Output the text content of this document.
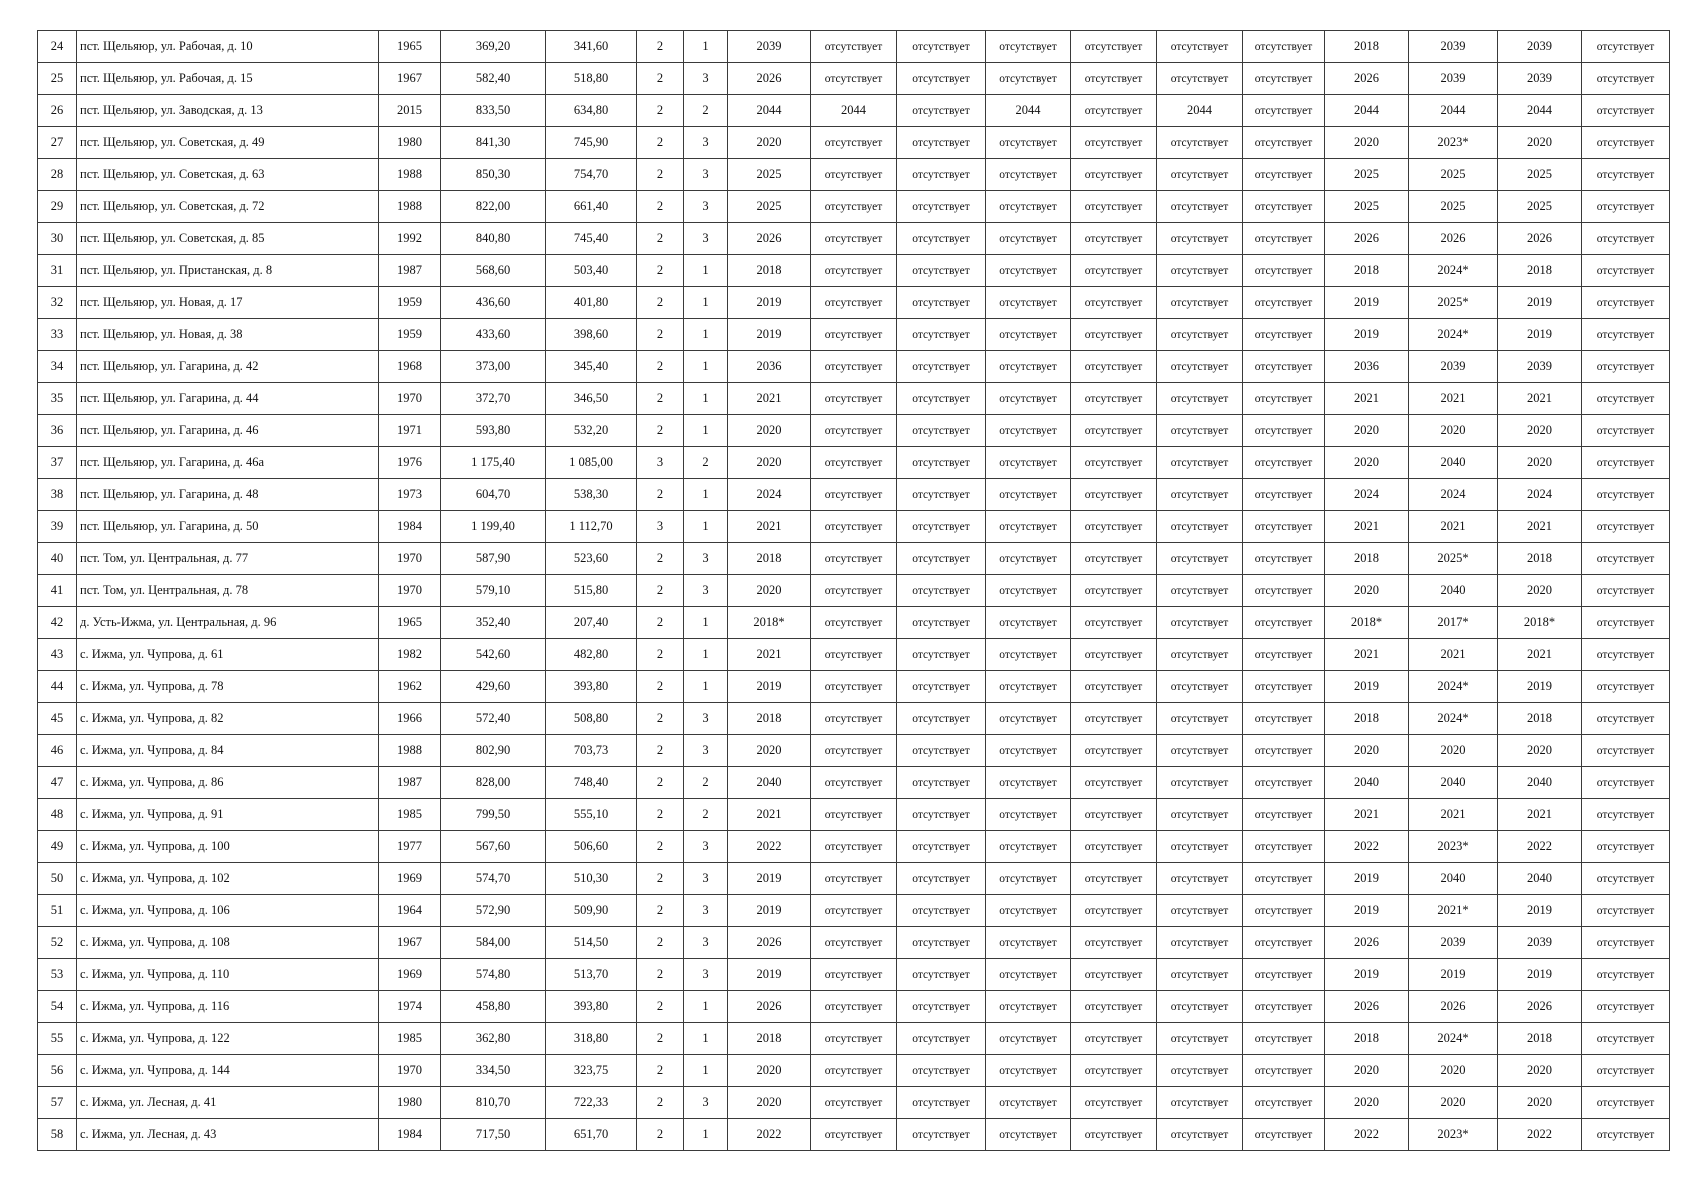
24	пст. Щельяюр, ул. Рабочая, д. 10	1965	369,20	341,60	2	1	2039	отсутствует	отсутствует	отсутствует	отсутствует	отсутствует	отсутствует	2018	2039	2039	отсутствует
25	пст. Щельяюр, ул. Рабочая, д. 15	1967	582,40	518,80	2	3	2026	отсутствует	отсутствует	отсутствует	отсутствует	отсутствует	отсутствует	2026	2039	2039	отсутствует
26	пст. Щельяюр, ул. Заводская, д. 13	2015	833,50	634,80	2	2	2044	2044	отсутствует	2044	отсутствует	2044	отсутствует	2044	2044	2044	отсутствует
27	пст. Щельяюр, ул. Советская, д. 49	1980	841,30	745,90	2	3	2020	отсутствует	отсутствует	отсутствует	отсутствует	отсутствует	отсутствует	2020	2023*	2020	отсутствует
28	пст. Щельяюр, ул. Советская, д. 63	1988	850,30	754,70	2	3	2025	отсутствует	отсутствует	отсутствует	отсутствует	отсутствует	отсутствует	2025	2025	2025	отсутствует
29	пст. Щельяюр, ул. Советская, д. 72	1988	822,00	661,40	2	3	2025	отсутствует	отсутствует	отсутствует	отсутствует	отсутствует	отсутствует	2025	2025	2025	отсутствует
30	пст. Щельяюр, ул. Советская, д. 85	1992	840,80	745,40	2	3	2026	отсутствует	отсутствует	отсутствует	отсутствует	отсутствует	отсутствует	2026	2026	2026	отсутствует
31	пст. Щельяюр, ул. Пристанская, д. 8	1987	568,60	503,40	2	1	2018	отсутствует	отсутствует	отсутствует	отсутствует	отсутствует	отсутствует	2018	2024*	2018	отсутствует
32	пст. Щельяюр, ул. Новая, д. 17	1959	436,60	401,80	2	1	2019	отсутствует	отсутствует	отсутствует	отсутствует	отсутствует	отсутствует	2019	2025*	2019	отсутствует
33	пст. Щельяюр, ул. Новая, д. 38	1959	433,60	398,60	2	1	2019	отсутствует	отсутствует	отсутствует	отсутствует	отсутствует	отсутствует	2019	2024*	2019	отсутствует
34	пст. Щельяюр, ул. Гагарина, д. 42	1968	373,00	345,40	2	1	2036	отсутствует	отсутствует	отсутствует	отсутствует	отсутствует	отсутствует	2036	2039	2039	отсутствует
35	пст. Щельяюр, ул. Гагарина, д. 44	1970	372,70	346,50	2	1	2021	отсутствует	отсутствует	отсутствует	отсутствует	отсутствует	отсутствует	2021	2021	2021	отсутствует
36	пст. Щельяюр, ул. Гагарина, д. 46	1971	593,80	532,20	2	1	2020	отсутствует	отсутствует	отсутствует	отсутствует	отсутствует	отсутствует	2020	2020	2020	отсутствует
37	пст. Щельяюр, ул. Гагарина, д. 46а	1976	1 175,40	1 085,00	3	2	2020	отсутствует	отсутствует	отсутствует	отсутствует	отсутствует	отсутствует	2020	2040	2020	отсутствует
38	пст. Щельяюр, ул. Гагарина, д. 48	1973	604,70	538,30	2	1	2024	отсутствует	отсутствует	отсутствует	отсутствует	отсутствует	отсутствует	2024	2024	2024	отсутствует
39	пст. Щельяюр, ул. Гагарина, д. 50	1984	1 199,40	1 112,70	3	1	2021	отсутствует	отсутствует	отсутствует	отсутствует	отсутствует	отсутствует	2021	2021	2021	отсутствует
40	пст. Том, ул. Центральная, д. 77	1970	587,90	523,60	2	3	2018	отсутствует	отсутствует	отсутствует	отсутствует	отсутствует	отсутствует	2018	2025*	2018	отсутствует
41	пст. Том, ул. Центральная, д. 78	1970	579,10	515,80	2	3	2020	отсутствует	отсутствует	отсутствует	отсутствует	отсутствует	отсутствует	2020	2040	2020	отсутствует
42	д. Усть-Ижма, ул. Центральная, д. 96	1965	352,40	207,40	2	1	2018*	отсутствует	отсутствует	отсутствует	отсутствует	отсутствует	отсутствует	2018*	2017*	2018*	отсутствует
43	с. Ижма, ул. Чупрова, д. 61	1982	542,60	482,80	2	1	2021	отсутствует	отсутствует	отсутствует	отсутствует	отсутствует	отсутствует	2021	2021	2021	отсутствует
44	с. Ижма, ул. Чупрова, д. 78	1962	429,60	393,80	2	1	2019	отсутствует	отсутствует	отсутствует	отсутствует	отсутствует	отсутствует	2019	2024*	2019	отсутствует
45	с. Ижма, ул. Чупрова, д. 82	1966	572,40	508,80	2	3	2018	отсутствует	отсутствует	отсутствует	отсутствует	отсутствует	отсутствует	2018	2024*	2018	отсутствует
46	с. Ижма, ул. Чупрова, д. 84	1988	802,90	703,73	2	3	2020	отсутствует	отсутствует	отсутствует	отсутствует	отсутствует	отсутствует	2020	2020	2020	отсутствует
47	с. Ижма, ул. Чупрова, д. 86	1987	828,00	748,40	2	2	2040	отсутствует	отсутствует	отсутствует	отсутствует	отсутствует	отсутствует	2040	2040	2040	отсутствует
48	с. Ижма, ул. Чупрова, д. 91	1985	799,50	555,10	2	2	2021	отсутствует	отсутствует	отсутствует	отсутствует	отсутствует	отсутствует	2021	2021	2021	отсутствует
49	с. Ижма, ул. Чупрова, д. 100	1977	567,60	506,60	2	3	2022	отсутствует	отсутствует	отсутствует	отсутствует	отсутствует	отсутствует	2022	2023*	2022	отсутствует
50	с. Ижма, ул. Чупрова, д. 102	1969	574,70	510,30	2	3	2019	отсутствует	отсутствует	отсутствует	отсутствует	отсутствует	отсутствует	2019	2040	2040	отсутствует
51	с. Ижма, ул. Чупрова, д. 106	1964	572,90	509,90	2	3	2019	отсутствует	отсутствует	отсутствует	отсутствует	отсутствует	отсутствует	2019	2021*	2019	отсутствует
52	с. Ижма, ул. Чупрова, д. 108	1967	584,00	514,50	2	3	2026	отсутствует	отсутствует	отсутствует	отсутствует	отсутствует	отсутствует	2026	2039	2039	отсутствует
53	с. Ижма, ул. Чупрова, д. 110	1969	574,80	513,70	2	3	2019	отсутствует	отсутствует	отсутствует	отсутствует	отсутствует	отсутствует	2019	2019	2019	отсутствует
54	с. Ижма, ул. Чупрова, д. 116	1974	458,80	393,80	2	1	2026	отсутствует	отсутствует	отсутствует	отсутствует	отсутствует	отсутствует	2026	2026	2026	отсутствует
55	с. Ижма, ул. Чупрова, д. 122	1985	362,80	318,80	2	1	2018	отсутствует	отсутствует	отсутствует	отсутствует	отсутствует	отсутствует	2018	2024*	2018	отсутствует
56	с. Ижма, ул. Чупрова, д. 144	1970	334,50	323,75	2	1	2020	отсутствует	отсутствует	отсутствует	отсутствует	отсутствует	отсутствует	2020	2020	2020	отсутствует
57	с. Ижма, ул. Лесная, д. 41	1980	810,70	722,33	2	3	2020	отсутствует	отсутствует	отсутствует	отсутствует	отсутствует	отсутствует	2020	2020	2020	отсутствует
58	с. Ижма, ул. Лесная, д. 43	1984	717,50	651,70	2	1	2022	отсутствует	отсутствует	отсутствует	отсутствует	отсутствует	отсутствует	2022	2023*	2022	отсутствует
